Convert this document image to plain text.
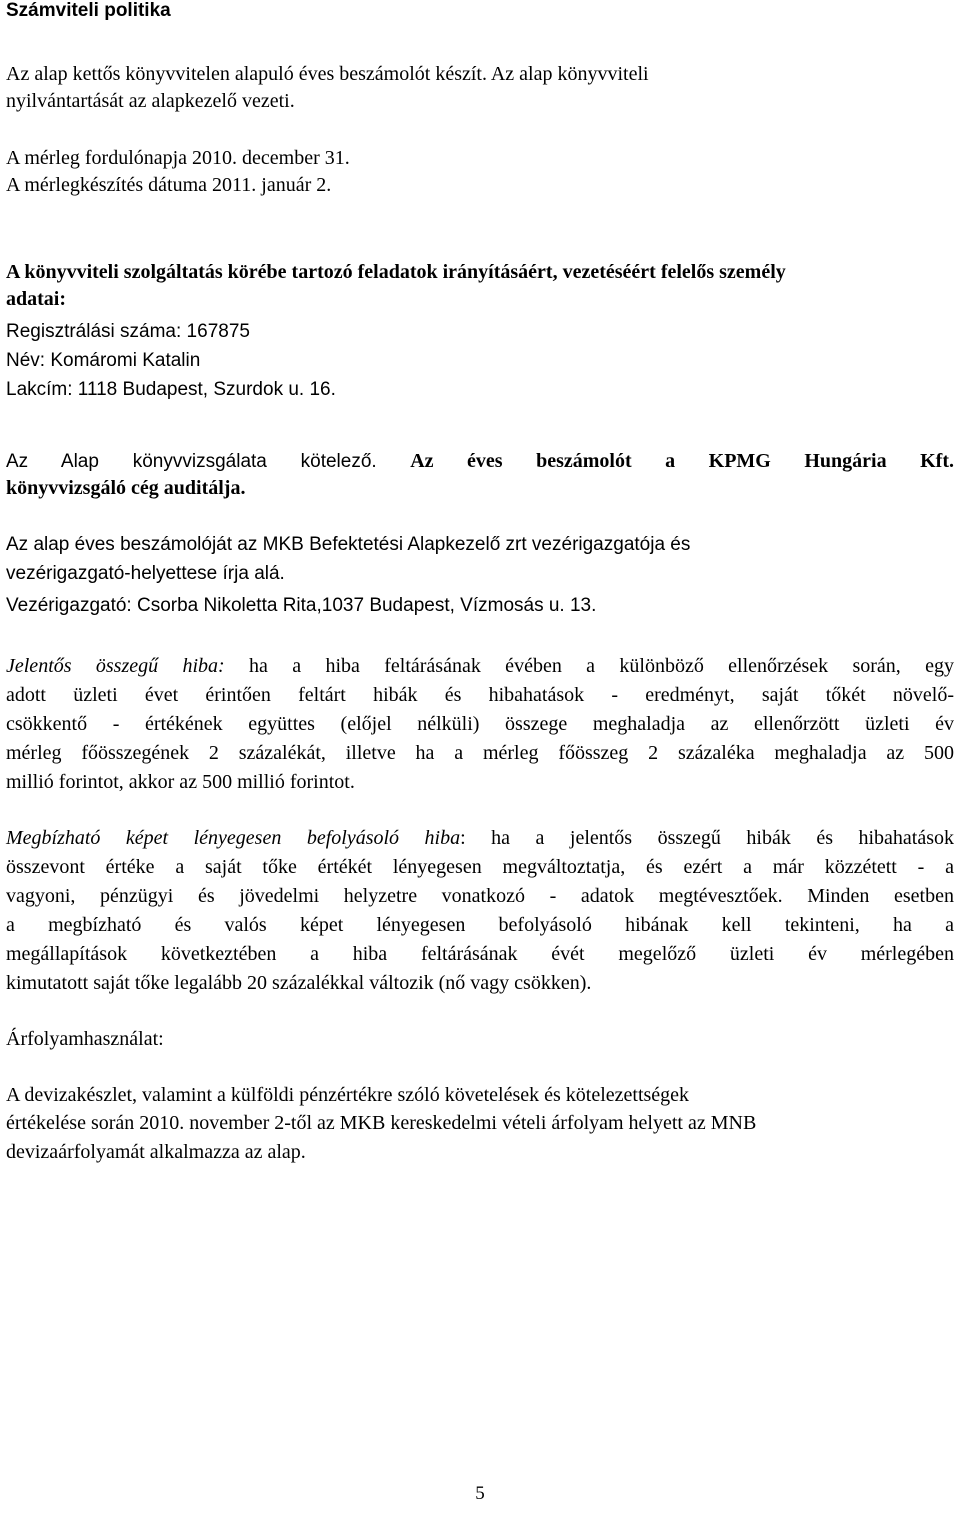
Számviteli politika
Az alap kettős könyvvitelen alapuló éves beszámolót készít. Az alap könyvviteli
nyilvántartását az alapkezelő vezeti.
A mérleg fordulónapja 2010. december 31.
A mérlegkészítés dátuma 2011. január 2.
A könyvviteli szolgáltatás körébe tartozó feladatok irányításáért, vezetéséért felelős személy
adatai:
Regisztrálási száma: 167875
Név: Komáromi Katalin
Lakcím: 1118 Budapest, Szurdok u. 16.
Az Alap könyvvizsgálata kötelező. Az éves beszámolót a KPMG Hungária Kft.
könyvvizsgáló cég auditálja.
Az alap éves beszámolóját az MKB Befektetési Alapkezelő zrt vezérigazgatója és
vezérigazgató-helyettese írja alá.
Vezérigazgató: Csorba Nikoletta Rita,1037 Budapest, Vízmosás u. 13.
Jelentős összegű hiba: ha a hiba feltárásának évében a különböző ellenőrzések során, egy
adott üzleti évet érintően feltárt hibák és hibahatások - eredményt, saját tőkét növelő-
csökkentő - értékének együttes (előjel nélküli) összege meghaladja az ellenőrzött üzleti év
mérleg főösszegének 2 százalékát, illetve ha a mérleg főösszeg 2 százaléka meghaladja az 500
millió forintot, akkor az 500 millió forintot.
Megbízható képet lényegesen befolyásoló hiba: ha a jelentős összegű hibák és hibahatások
összevont értéke a saját tőke értékét lényegesen megváltoztatja, és ezért a már közzétett - a
vagyoni, pénzügyi és jövedelmi helyzetre vonatkozó - adatok megtévesztőek. Minden esetben
a megbízható és valós képet lényegesen befolyásoló hibának kell tekinteni, ha a
megállapítások következtében a hiba feltárásának évét megelőző üzleti év mérlegében
kimutatott saját tőke legalább 20 százalékkal változik (nő vagy csökken).
Árfolyamhasználat:
A devizakészlet, valamint a külföldi pénzértékre szóló követelések és kötelezettségek
értékelése során 2010. november 2-től az MKB kereskedelmi vételi árfolyam helyett az MNB
devizaárfolyamát alkalmazza az alap.
5
